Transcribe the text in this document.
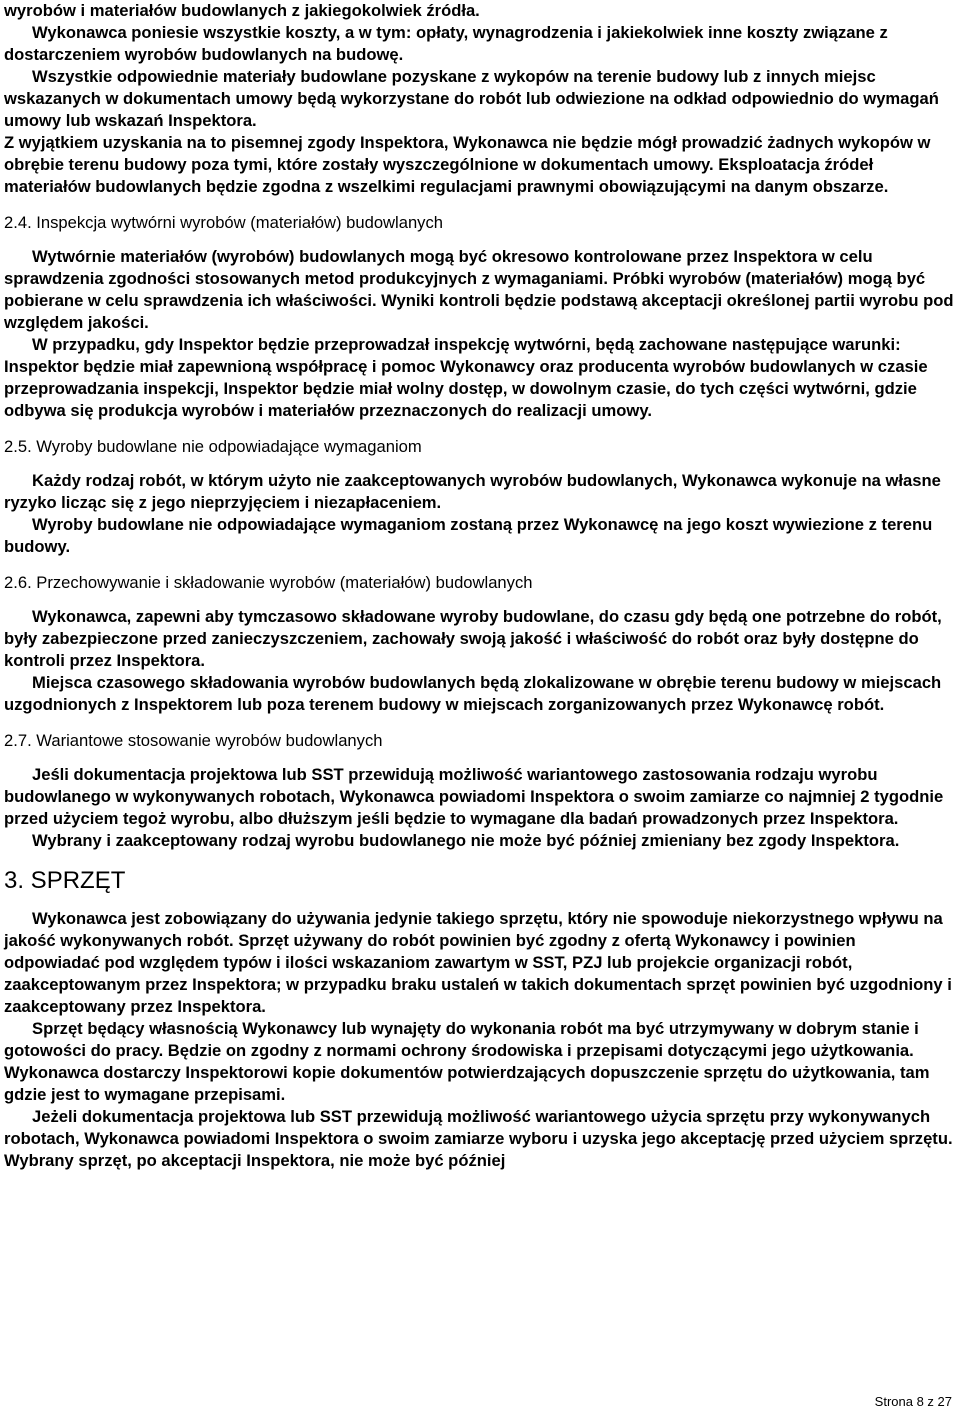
wyrobów i materiałów budowlanych z jakiegokolwiek źródła.

Wykonawca poniesie wszystkie koszty, a w tym: opłaty, wynagrodzenia i jakiekolwiek inne koszty związane z dostarczeniem wyrobów budowlanych na budowę.

Wszystkie odpowiednie materiały budowlane pozyskane z wykopów na terenie budowy lub z innych miejsc wskazanych w dokumentach umowy będą wykorzystane do robót lub odwiezione na odkład odpowiednio do wymagań umowy lub wskazań Inspektora.

Z wyjątkiem uzyskania na to pisemnej zgody Inspektora, Wykonawca nie będzie mógł prowadzić żadnych wykopów w obrębie terenu budowy poza tymi, które zostały wyszczególnione w dokumentach umowy. Eksploatacja źródeł materiałów budowlanych będzie zgodna z wszelkimi regulacjami prawnymi obowiązującymi na danym obszarze.

2.4. Inspekcja wytwórni wyrobów (materiałów) budowlanych

Wytwórnie materiałów (wyrobów) budowlanych mogą być okresowo kontrolowane przez Inspektora w celu sprawdzenia zgodności stosowanych metod produkcyjnych z wymaganiami. Próbki wyrobów (materiałów) mogą być pobierane w celu sprawdzenia ich właściwości. Wyniki kontroli będzie podstawą akceptacji określonej partii wyrobu pod względem jakości.

W przypadku, gdy Inspektor będzie przeprowadzał inspekcję wytwórni, będą zachowane następujące warunki:

Inspektor będzie miał zapewnioną współpracę i pomoc Wykonawcy oraz producenta wyrobów budowlanych w czasie przeprowadzania inspekcji, Inspektor będzie miał wolny dostęp, w dowolnym czasie, do tych części wytwórni, gdzie odbywa się produkcja wyrobów i materiałów przeznaczonych do realizacji umowy.

2.5. Wyroby budowlane nie odpowiadające wymaganiom

Każdy rodzaj robót, w którym użyto nie zaakceptowanych wyrobów budowlanych, Wykonawca wykonuje na własne ryzyko licząc się z jego nieprzyjęciem i niezapłaceniem.

Wyroby budowlane nie odpowiadające wymaganiom zostaną przez Wykonawcę na jego koszt wywiezione z terenu budowy.

2.6. Przechowywanie i składowanie wyrobów (materiałów) budowlanych

Wykonawca, zapewni aby tymczasowo składowane wyroby budowlane, do czasu gdy będą one potrzebne do robót, były zabezpieczone przed zanieczyszczeniem, zachowały swoją jakość i właściwość do robót oraz były dostępne do kontroli przez Inspektora.

Miejsca czasowego składowania wyrobów budowlanych będą zlokalizowane w obrębie terenu budowy w miejscach uzgodnionych z Inspektorem lub poza terenem budowy w miejscach zorganizowanych przez Wykonawcę robót.

2.7. Wariantowe stosowanie wyrobów budowlanych

Jeśli dokumentacja projektowa lub SST przewidują możliwość wariantowego zastosowania rodzaju wyrobu budowlanego w wykonywanych robotach, Wykonawca powiadomi Inspektora o swoim zamiarze co najmniej 2 tygodnie przed użyciem tegoż wyrobu, albo dłuższym jeśli będzie to wymagane dla badań prowadzonych przez Inspektora.

Wybrany i zaakceptowany rodzaj wyrobu budowlanego nie może być później zmieniany bez zgody Inspektora.

3. SPRZĘT

Wykonawca jest zobowiązany do używania jedynie takiego sprzętu, który nie spowoduje niekorzystnego wpływu na jakość wykonywanych robót. Sprzęt używany do robót powinien być zgodny z ofertą Wykonawcy i powinien odpowiadać pod względem typów i ilości wskazaniom zawartym w SST, PZJ lub projekcie organizacji robót, zaakceptowanym przez Inspektora; w przypadku braku ustaleń w takich dokumentach sprzęt powinien być uzgodniony i zaakceptowany przez Inspektora.

Sprzęt będący własnością Wykonawcy lub wynajęty do wykonania robót ma być utrzymywany w dobrym stanie i gotowości do pracy. Będzie on zgodny z normami ochrony środowiska i przepisami dotyczącymi jego użytkowania. Wykonawca dostarczy Inspektorowi kopie dokumentów potwierdzających dopuszczenie sprzętu do użytkowania, tam gdzie jest to wymagane przepisami.

Jeżeli dokumentacja projektowa lub SST przewidują możliwość wariantowego użycia sprzętu przy wykonywanych robotach, Wykonawca powiadomi Inspektora o swoim zamiarze wyboru i uzyska jego akceptację przed użyciem sprzętu. Wybrany sprzęt, po akceptacji Inspektora, nie może być później

Strona 8 z 27
